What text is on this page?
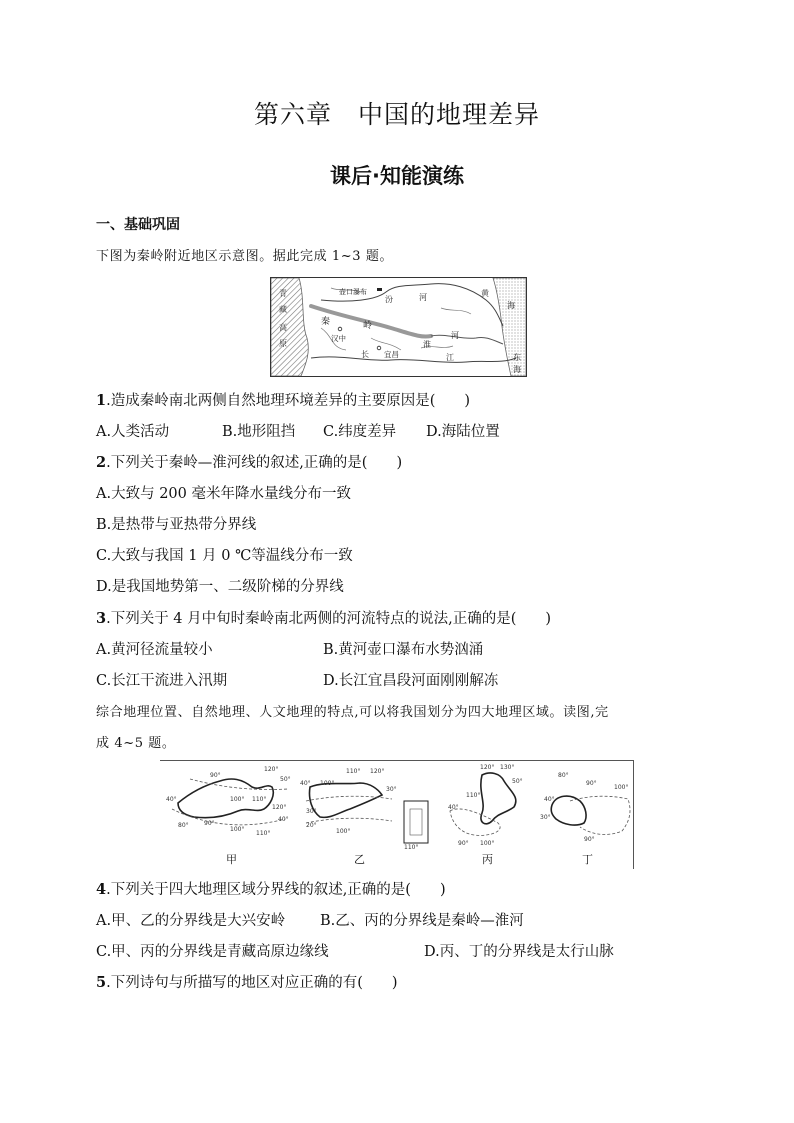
第六章　中国的地理差异
课后·知能演练
一、基础巩固
下图为秦岭附近地区示意图。据此完成 1~3 题。
青
藏
高
原
壶口瀑布
汾	河	黄
海
秦	岭
汉中
长 宜昌
淮
河
江	东
海
1.造成秦岭南北两侧自然地理环境差异的主要原因是(　　)
A.人类活动	B.地形阻挡 C.纬度差异 D.海陆位置
2.下列关于秦岭—淮河线的叙述,正确的是(　　)
A.大致与 200 毫米年降水量线分布一致
B.是热带与亚热带分界线
C.大致与我国 1 月 0 ℃等温线分布一致
D.是我国地势第一、二级阶梯的分界线
3.下列关于 4 月中旬时秦岭南北两侧的河流特点的说法,正确的是(　　)
A.黄河径流量较小	B.黄河壶口瀑布水势汹涌
C.长江干流进入汛期	D.长江宜昌段河面刚刚解冻
综合地理位置、自然地理、人文地理的特点,可以将我国划分为四大地理区域。读图,完
成 4~5 题。
90°
120°
50°
40°	100° 110°
40°
80°	90°
100°
110°
120°
甲
110° 120°
30°
40° 100°
20°
30°
100°
110°
乙
120° 130°
50°
110°
40°
90° 100°
丙
80°
90°
100°
40°
30°
90°
丁
4.下列关于四大地理区域分界线的叙述,正确的是(　　)
A.甲、乙的分界线是大兴安岭 B.乙、丙的分界线是秦岭—淮河
C.甲、丙的分界线是青藏高原边缘线	D.丙、丁的分界线是太行山脉
5.下列诗句与所描写的地区对应正确的有(　　)
